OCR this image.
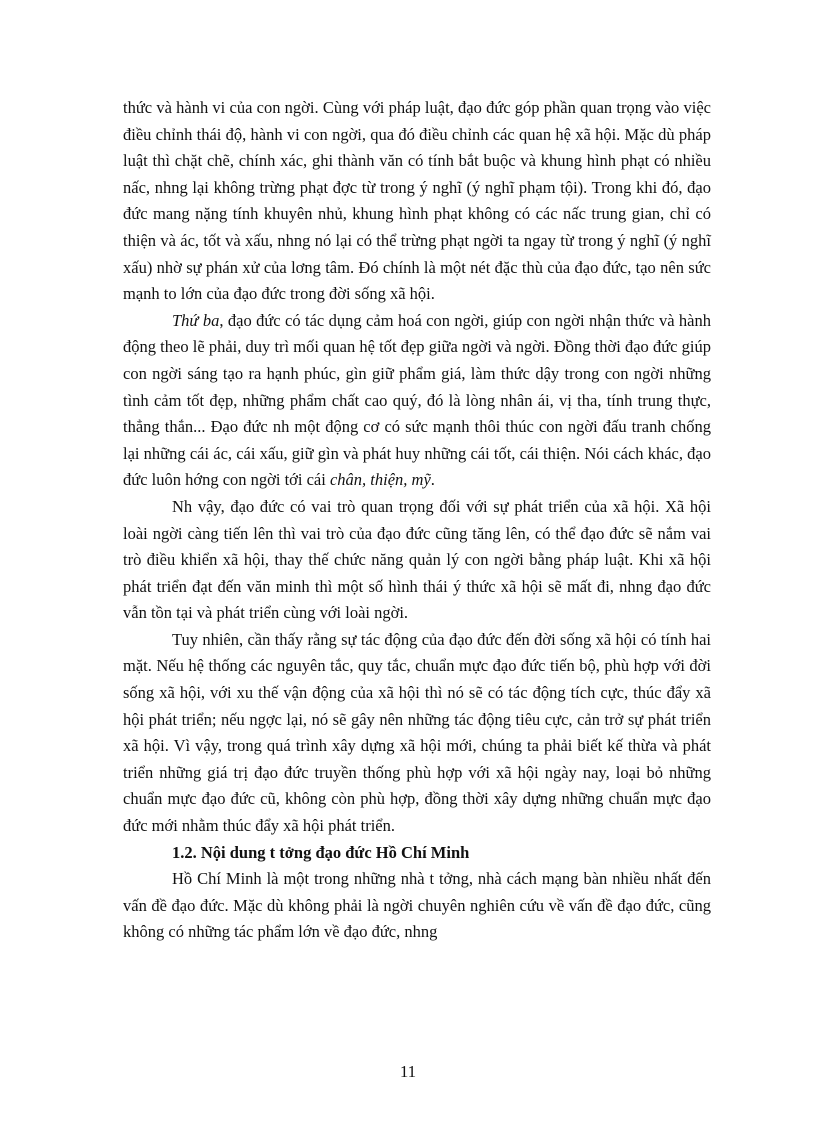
thức và hành vi của con ngời. Cùng với pháp luật, đạo đức góp phần quan trọng vào việc điều chỉnh thái độ, hành vi con ngời, qua đó điều chỉnh các quan hệ xã hội. Mặc dù pháp luật thì chặt chẽ, chính xác, ghi thành văn có tính bắt buộc và khung hình phạt có nhiều nấc, nhng lại không trừng phạt đợc từ trong ý nghĩ (ý nghĩ phạm tội). Trong khi đó, đạo đức mang nặng tính khuyên nhủ, khung hình phạt không có các nấc trung gian, chỉ có thiện và ác, tốt và xấu, nhng nó lại có thể trừng phạt ngời ta ngay từ trong ý nghĩ (ý nghĩ xấu) nhờ sự phán xử của lơng tâm. Đó chính là một nét đặc thù của đạo đức, tạo nên sức mạnh to lớn của đạo đức trong đời sống xã hội.

Thứ ba, đạo đức có tác dụng cảm hoá con ngời, giúp con ngời nhận thức và hành động theo lẽ phải, duy trì mối quan hệ tốt đẹp giữa ngời và ngời. Đồng thời đạo đức giúp con ngời sáng tạo ra hạnh phúc, gìn giữ phẩm giá, làm thức dậy trong con ngời những tình cảm tốt đẹp, những phẩm chất cao quý, đó là lòng nhân ái, vị tha, tính trung thực, thẳng thắn... Đạo đức nh một động cơ có sức mạnh thôi thúc con ngời đấu tranh chống lại những cái ác, cái xấu, giữ gìn và phát huy những cái tốt, cái thiện. Nói cách khác, đạo đức luôn hớng con ngời tới cái chân, thiện, mỹ.

Nh vậy, đạo đức có vai trò quan trọng đối với sự phát triển của xã hội. Xã hội loài ngời càng tiến lên thì vai trò của đạo đức cũng tăng lên, có thể đạo đức sẽ nắm vai trò điều khiển xã hội, thay thế chức năng quản lý con ngời bằng pháp luật. Khi xã hội phát triển đạt đến văn minh thì một số hình thái ý thức xã hội sẽ mất đi, nhng đạo đức vẫn tồn tại và phát triển cùng với loài ngời.

Tuy nhiên, cần thấy rằng sự tác động của đạo đức đến đời sống xã hội có tính hai mặt. Nếu hệ thống các nguyên tắc, quy tắc, chuẩn mực đạo đức tiến bộ, phù hợp với đời sống xã hội, với xu thế vận động của xã hội thì nó sẽ có tác động tích cực, thúc đẩy xã hội phát triển; nếu ngợc lại, nó sẽ gây nên những tác động tiêu cực, cản trở sự phát triển xã hội. Vì vậy, trong quá trình xây dựng xã hội mới, chúng ta phải biết kế thừa và phát triển những giá trị đạo đức truyền thống phù hợp với xã hội ngày nay, loại bỏ những chuẩn mực đạo đức cũ, không còn phù hợp, đồng thời xây dựng những chuẩn mực đạo đức mới nhằm thúc đẩy xã hội phát triển.

1.2. Nội dung t tởng đạo đức Hồ Chí Minh

Hồ Chí Minh là một trong những nhà t tởng, nhà cách mạng bàn nhiều nhất đến vấn đề đạo đức. Mặc dù không phải là ngời chuyên nghiên cứu về vấn đề đạo đức, cũng không có những tác phẩm lớn về đạo đức, nhng

11
